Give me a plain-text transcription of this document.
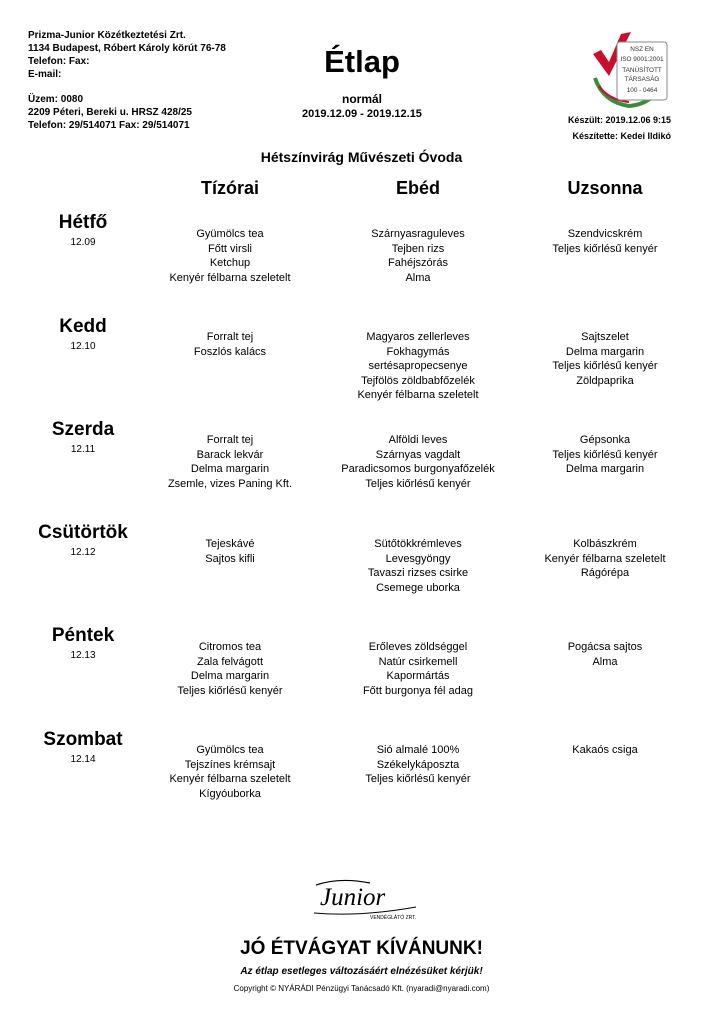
Prizma-Junior Közétkeztetési Zrt.
1134 Budapest, Róbert Károly körút 76-78
Telefon: Fax:
E-mail:
Üzem: 0080
2209 Péteri, Bereki u. HRSZ 428/25
Telefon: 29/514071 Fax: 29/514071
Étlap
normál
2019.12.09 - 2019.12.15
NSZ EN
ISO 9001:2001
TANÚSÍTOTT
TÁRSASÁG
100 - 0464
Készült: 2019.12.06 9:15
Készítette: Kedei Ildikó
Hétszínvirág Művészeti Óvoda
Tízórai	Ebéd	Uzsonna
Hétfő
12.09
Gyümölcs tea
Főtt virsli
Ketchup
Kenyér félbarna szeletelt
Szárnyasraguleves
Tejben rizs
Fahéjszórás
Alma
Szendvicskrém
Teljes kiőrlésű kenyér
Kedd
12.10
Forralt tej
Foszlós kalács
Magyaros zellerleves
Fokhagymás
sertésapropecsenye
Tejfölös zöldbabfőzelék
Kenyér félbarna szeletelt
Sajtszelet
Delma margarin
Teljes kiőrlésű kenyér
Zöldpaprika
Szerda
12.11
Forralt tej
Barack lekvár
Delma margarin
Zsemle, vizes Paning Kft.
Alföldi leves
Szárnyas vagdalt
Paradicsomos burgonyafőzelék
Teljes kiőrlésű kenyér
Gépsonka
Teljes kiőrlésű kenyér
Delma margarin
Csütörtök
12.12
Tejeskávé
Sajtos kifli
Sütőtökkrémleves
Levesgyöngy
Tavaszi rizses csirke
Csemege uborka
Kolbászkrém
Kenyér félbarna szeletelt
Rágórépa
Péntek
12.13
Citromos tea
Zala felvágott
Delma margarin
Teljes kiőrlésű kenyér
Erőleves zöldséggel
Natúr csirkemell
Kapormártás
Főtt burgonya fél adag
Pogácsa sajtos
Alma
Szombat
12.14
Gyümölcs tea
Tejszínes krémsajt
Kenyér félbarna szeletelt
Kígyóuborka
Sió almalé 100%
Székelykáposzta
Teljes kiőrlésű kenyér
Kakaós csiga
Junior
VENDÉGLÁTÓ ZRT.
JÓ ÉTVÁGYAT KÍVÁNUNK!
Az étlap esetleges változásáért elnézésüket kérjük!
Copyright © NYÁRÁDI Pénzügyi Tanácsadó Kft. (nyaradi@nyaradi.com)
